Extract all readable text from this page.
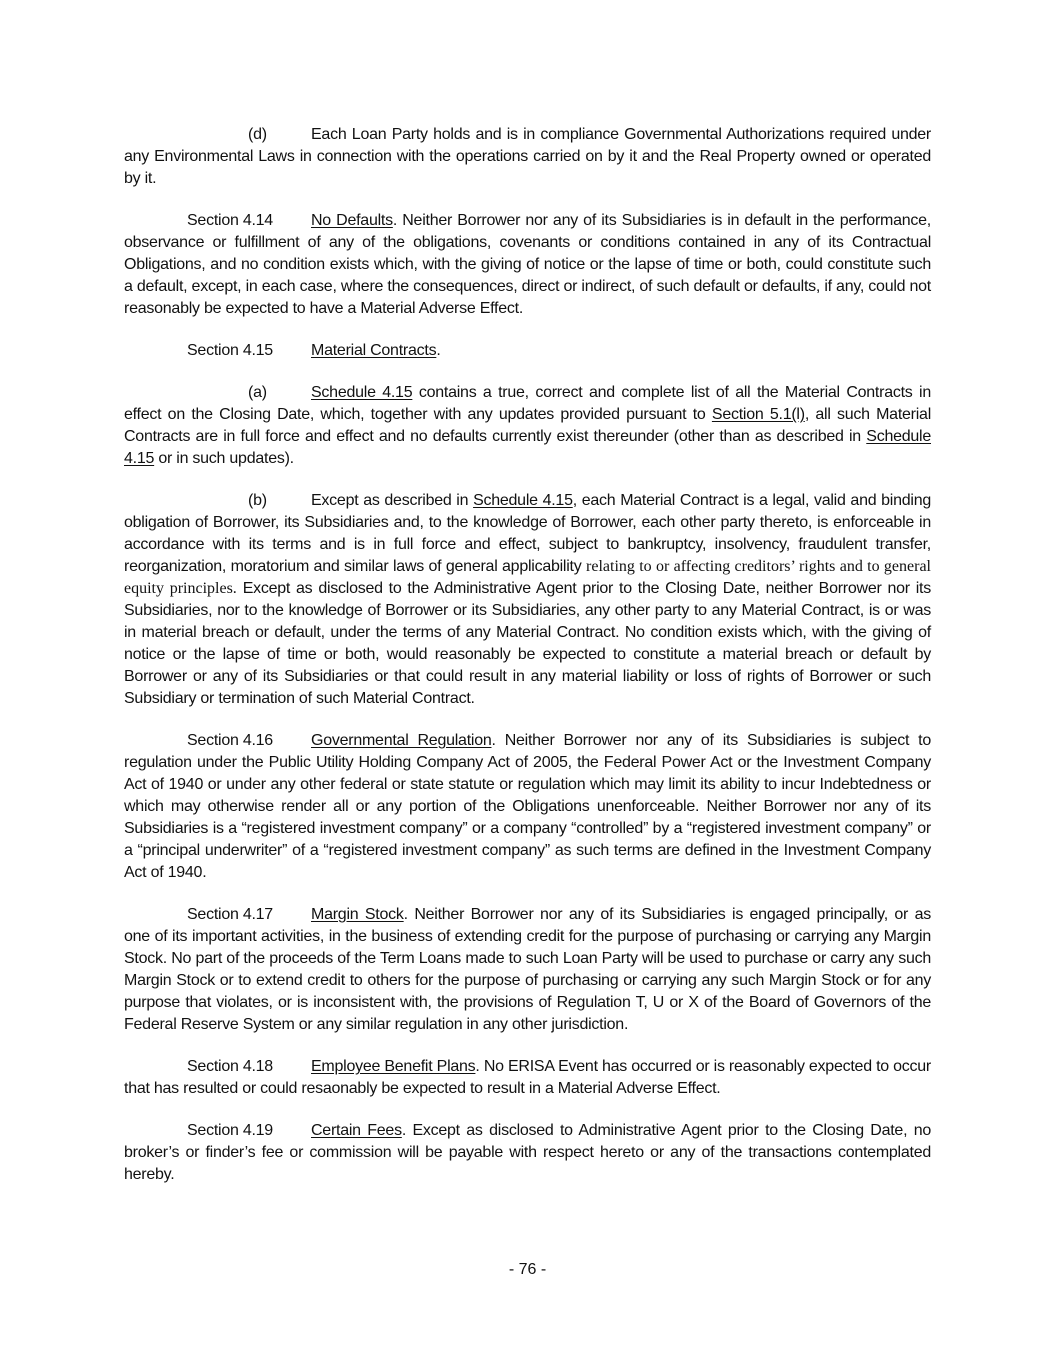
(d)	Each Loan Party holds and is in compliance Governmental Authorizations required under any Environmental Laws in connection with the operations carried on by it and the Real Property owned or operated by it.

Section 4.14 No Defaults. Neither Borrower nor any of its Subsidiaries is in default in the performance, observance or fulfillment of any of the obligations, covenants or conditions contained in any of its Contractual Obligations, and no condition exists which, with the giving of notice or the lapse of time or both, could constitute such a default, except, in each case, where the consequences, direct or indirect, of such default or defaults, if any, could not reasonably be expected to have a Material Adverse Effect.

Section 4.15 Material Contracts.

(a)	Schedule 4.15 contains a true, correct and complete list of all the Material Contracts in effect on the Closing Date, which, together with any updates provided pursuant to Section 5.1(l), all such Material Contracts are in full force and effect and no defaults currently exist thereunder (other than as described in Schedule 4.15 or in such updates).

(b)	Except as described in Schedule 4.15, each Material Contract is a legal, valid and binding obligation of Borrower, its Subsidiaries and, to the knowledge of Borrower, each other party thereto, is enforceable in accordance with its terms and is in full force and effect, subject to bankruptcy, insolvency, fraudulent transfer, reorganization, moratorium and similar laws of general applicability relating to or affecting creditors’ rights and to general equity principles. Except as disclosed to the Administrative Agent prior to the Closing Date, neither Borrower nor its Subsidiaries, nor to the knowledge of Borrower or its Subsidiaries, any other party to any Material Contract, is or was in material breach or default, under the terms of any Material Contract. No condition exists which, with the giving of notice or the lapse of time or both, would reasonably be expected to constitute a material breach or default by Borrower or any of its Subsidiaries or that could result in any material liability or loss of rights of Borrower or such Subsidiary or termination of such Material Contract.

Section 4.16 Governmental Regulation. Neither Borrower nor any of its Subsidiaries is subject to regulation under the Public Utility Holding Company Act of 2005, the Federal Power Act or the Investment Company Act of 1940 or under any other federal or state statute or regulation which may limit its ability to incur Indebtedness or which may otherwise render all or any portion of the Obligations unenforceable. Neither Borrower nor any of its Subsidiaries is a “registered investment company” or a company “controlled” by a “registered investment company” or a “principal underwriter” of a “registered investment company” as such terms are defined in the Investment Company Act of 1940.

Section 4.17 Margin Stock. Neither Borrower nor any of its Subsidiaries is engaged principally, or as one of its important activities, in the business of extending credit for the purpose of purchasing or carrying any Margin Stock. No part of the proceeds of the Term Loans made to such Loan Party will be used to purchase or carry any such Margin Stock or to extend credit to others for the purpose of purchasing or carrying any such Margin Stock or for any purpose that violates, or is inconsistent with, the provisions of Regulation T, U or X of the Board of Governors of the Federal Reserve System or any similar regulation in any other jurisdiction.

Section 4.18 Employee Benefit Plans. No ERISA Event has occurred or is reasonably expected to occur that has resulted or could resaonably be expected to result in a Material Adverse Effect.

Section 4.19 Certain Fees. Except as disclosed to Administrative Agent prior to the Closing Date, no broker’s or finder’s fee or commission will be payable with respect hereto or any of the transactions contemplated hereby.

- 76 -
